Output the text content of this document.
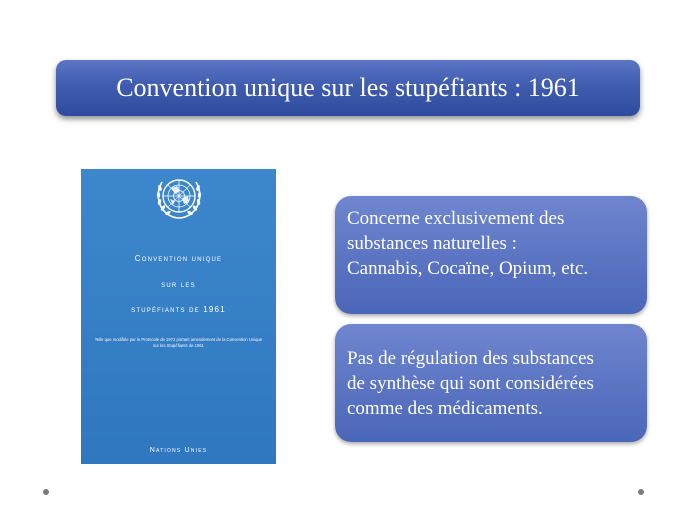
Convention unique sur les stupéfiants : 1961
Convention unique
sur les
stupéfiants de 1961
Telle que modifiée par le Protocole de 1972 portant amendement de la Convention Unique sur les Stupéfiants de 1961
Nations Unies
Concerne exclusivement des
substances naturelles :
Cannabis, Cocaïne, Opium, etc.
Pas de régulation des substances
de synthèse qui sont considérées
comme des médicaments.
